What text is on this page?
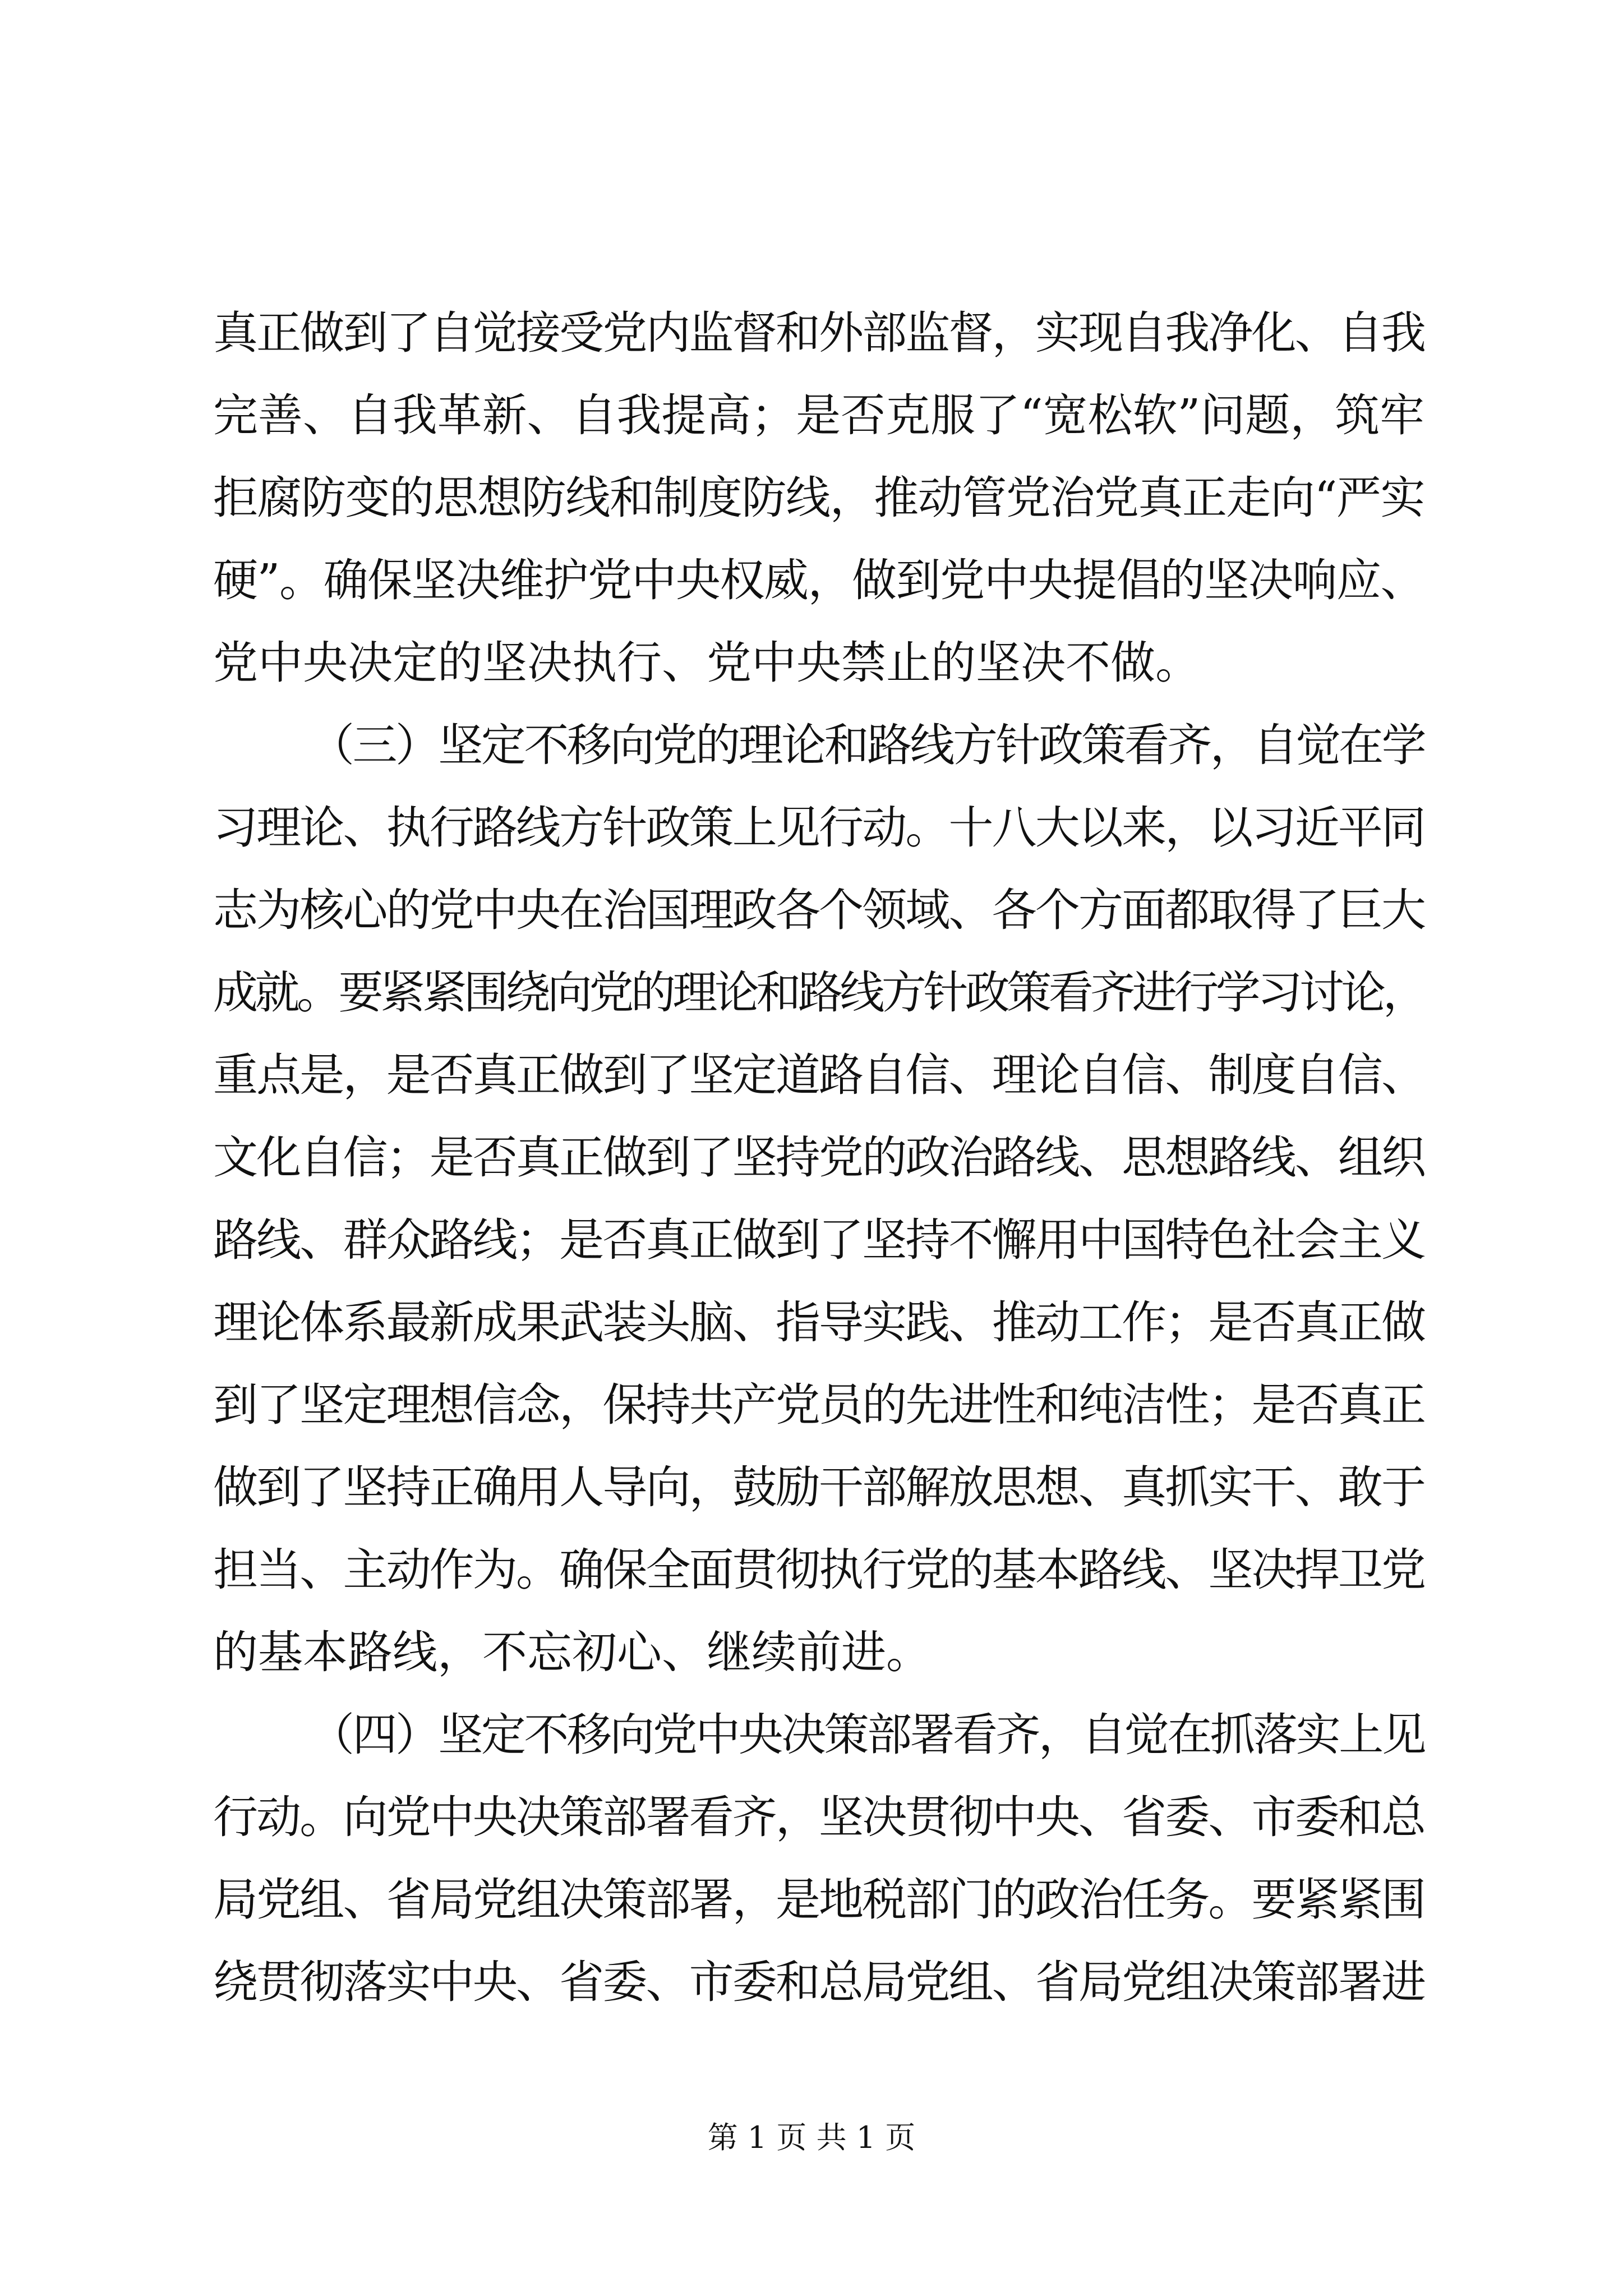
真正做到了自觉接受党内监督和外部监督，实现自我净化、自我
完善、自我革新、自我提高；是否克服了“宽松软”问题，筑牢
拒腐防变的思想防线和制度防线，推动管党治党真正走向“严实
硬”。确保坚决维护党中央权威，做到党中央提倡的坚决响应、
党中央决定的坚决执行、党中央禁止的坚决不做。
（三）坚定不移向党的理论和路线方针政策看齐，自觉在学
习理论、执行路线方针政策上见行动。十八大以来，以习近平同
志为核心的党中央在治国理政各个领域、各个方面都取得了巨大
成就。要紧紧围绕向党的理论和路线方针政策看齐进行学习讨论，
重点是，是否真正做到了坚定道路自信、理论自信、制度自信、
文化自信；是否真正做到了坚持党的政治路线、思想路线、组织
路线、群众路线；是否真正做到了坚持不懈用中国特色社会主义
理论体系最新成果武装头脑、指导实践、推动工作；是否真正做
到了坚定理想信念，保持共产党员的先进性和纯洁性；是否真正
做到了坚持正确用人导向，鼓励干部解放思想、真抓实干、敢于
担当、主动作为。确保全面贯彻执行党的基本路线、坚决捍卫党
的基本路线，不忘初心、继续前进。
（四）坚定不移向党中央决策部署看齐，自觉在抓落实上见
行动。向党中央决策部署看齐，坚决贯彻中央、省委、市委和总
局党组、省局党组决策部署，是地税部门的政治任务。要紧紧围
绕贯彻落实中央、省委、市委和总局党组、省局党组决策部署进
第 1 页 共 1 页
